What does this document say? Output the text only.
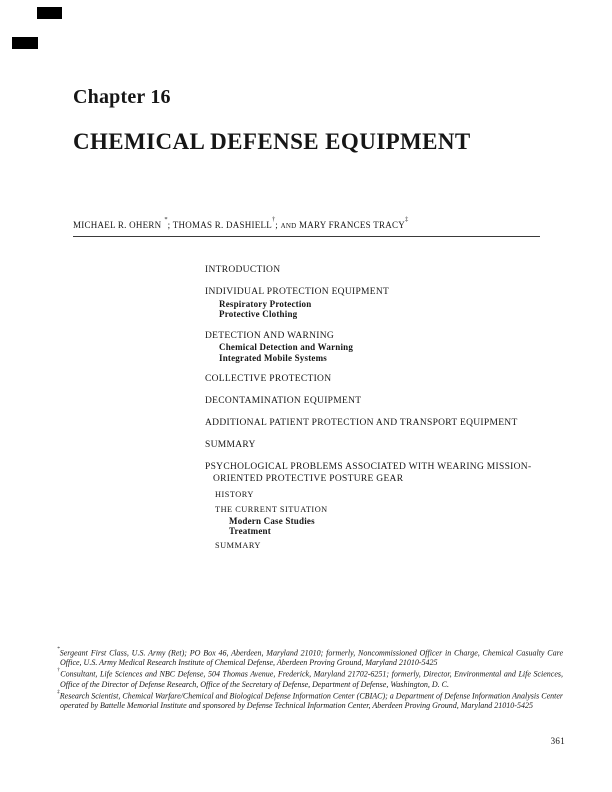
Chapter 16
CHEMICAL DEFENSE EQUIPMENT
MICHAEL R. OHERN*; THOMAS R. DASHIELL†; AND MARY FRANCES TRACY‡
INTRODUCTION
INDIVIDUAL PROTECTION EQUIPMENT
Respiratory Protection
Protective Clothing
DETECTION AND WARNING
Chemical Detection and Warning
Integrated Mobile Systems
COLLECTIVE PROTECTION
DECONTAMINATION EQUIPMENT
ADDITIONAL PATIENT PROTECTION AND TRANSPORT EQUIPMENT
SUMMARY
PSYCHOLOGICAL PROBLEMS ASSOCIATED WITH WEARING MISSION-ORIENTED PROTECTIVE POSTURE GEAR
HISTORY
THE CURRENT SITUATION
Modern Case Studies
Treatment
SUMMARY
*Sergeant First Class, U.S. Army (Ret); PO Box 46, Aberdeen, Maryland 21010; formerly, Noncommissioned Officer in Charge, Chemical Casualty Care Office, U.S. Army Medical Research Institute of Chemical Defense, Aberdeen Proving Ground, Maryland 21010-5425
†Consultant, Life Sciences and NBC Defense, 504 Thomas Avenue, Frederick, Maryland 21702-6251; formerly, Director, Environmental and Life Sciences, Office of the Director of Defense Research, Office of the Secretary of Defense, Department of Defense, Washington, D. C.
‡Research Scientist, Chemical Warfare/Chemical and Biological Defense Information Center (CBIAC); a Department of Defense Information Analysis Center operated by Battelle Memorial Institute and sponsored by Defense Technical Information Center, Aberdeen Proving Ground, Maryland 21010-5425
361
